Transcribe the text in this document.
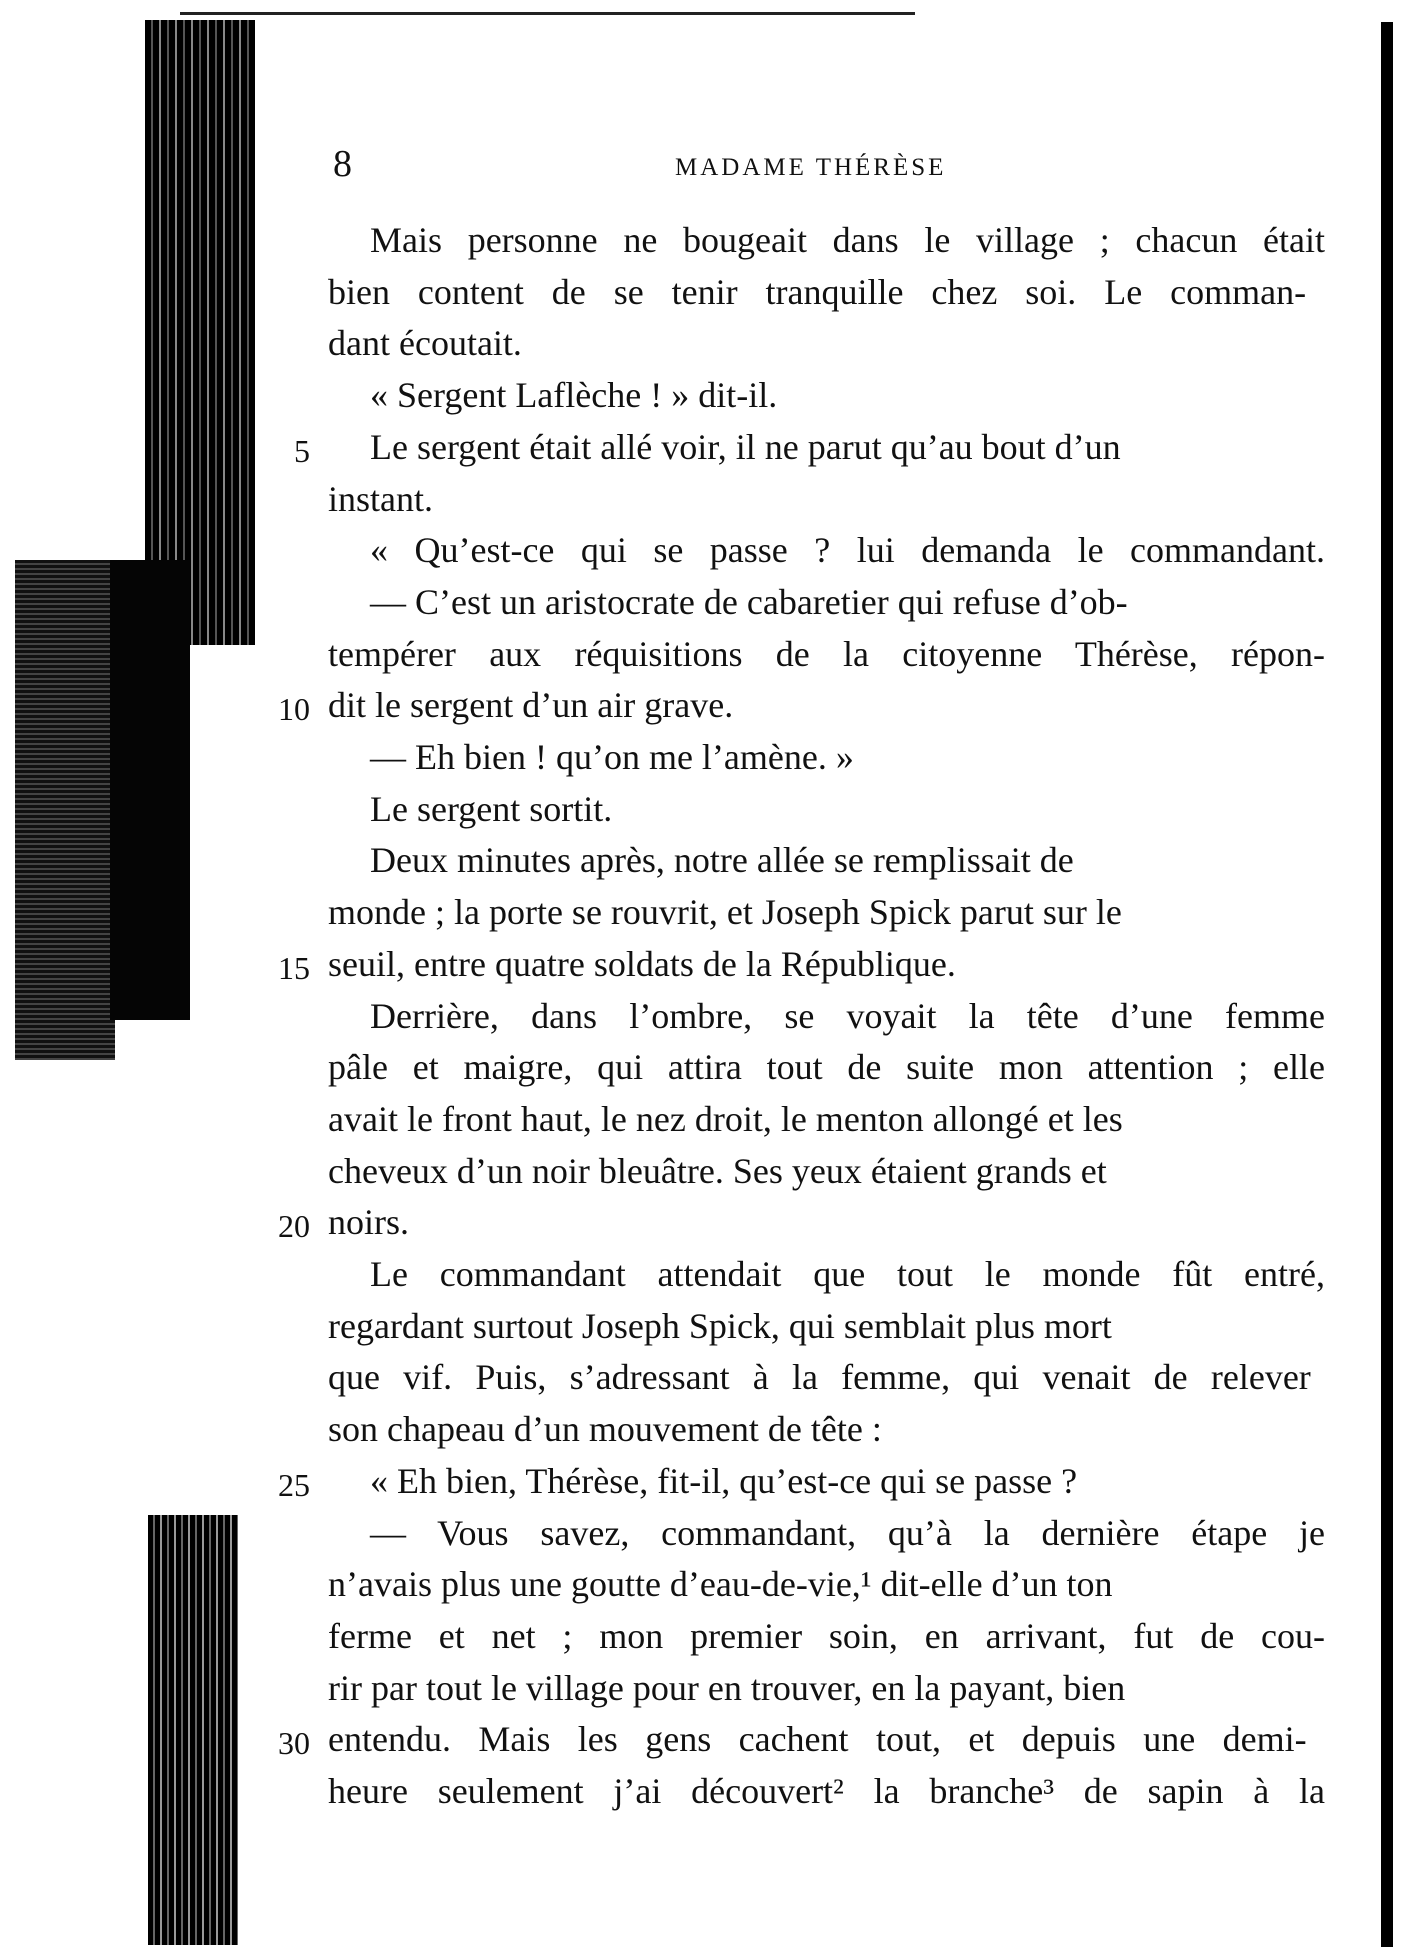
8	MADAME THÉRÈSE
Mais personne ne bougeait dans le village ; chacun était
bien content de se tenir tranquille chez soi. Le comman-
dant écoutait.
« Sergent Laflèche ! » dit-il.
5 Le sergent était allé voir, il ne parut qu’au bout d’un
instant.
« Qu’est-ce qui se passe ? lui demanda le commandant.
— C’est un aristocrate de cabaretier qui refuse d’ob-
tempérer aux réquisitions de la citoyenne Thérèse, répon-
10 dit le sergent d’un air grave.
— Eh bien ! qu’on me l’amène. »
Le sergent sortit.
Deux minutes après, notre allée se remplissait de
monde ; la porte se rouvrit, et Joseph Spick parut sur le
15 seuil, entre quatre soldats de la République.
Derrière, dans l’ombre, se voyait la tête d’une femme
pâle et maigre, qui attira tout de suite mon attention ; elle
avait le front haut, le nez droit, le menton allongé et les
cheveux d’un noir bleuâtre. Ses yeux étaient grands et
20 noirs.
Le commandant attendait que tout le monde fût entré,
regardant surtout Joseph Spick, qui semblait plus mort
que vif. Puis, s’adressant à la femme, qui venait de relever
son chapeau d’un mouvement de tête :
25 « Eh bien, Thérèse, fit-il, qu’est-ce qui se passe ?
— Vous savez, commandant, qu’à la dernière étape je
n’avais plus une goutte d’eau-de-vie,¹ dit-elle d’un ton
ferme et net ; mon premier soin, en arrivant, fut de cou-
rir par tout le village pour en trouver, en la payant, bien
30 entendu. Mais les gens cachent tout, et depuis une demi-
heure seulement j’ai découvert² la branche³ de sapin à la
